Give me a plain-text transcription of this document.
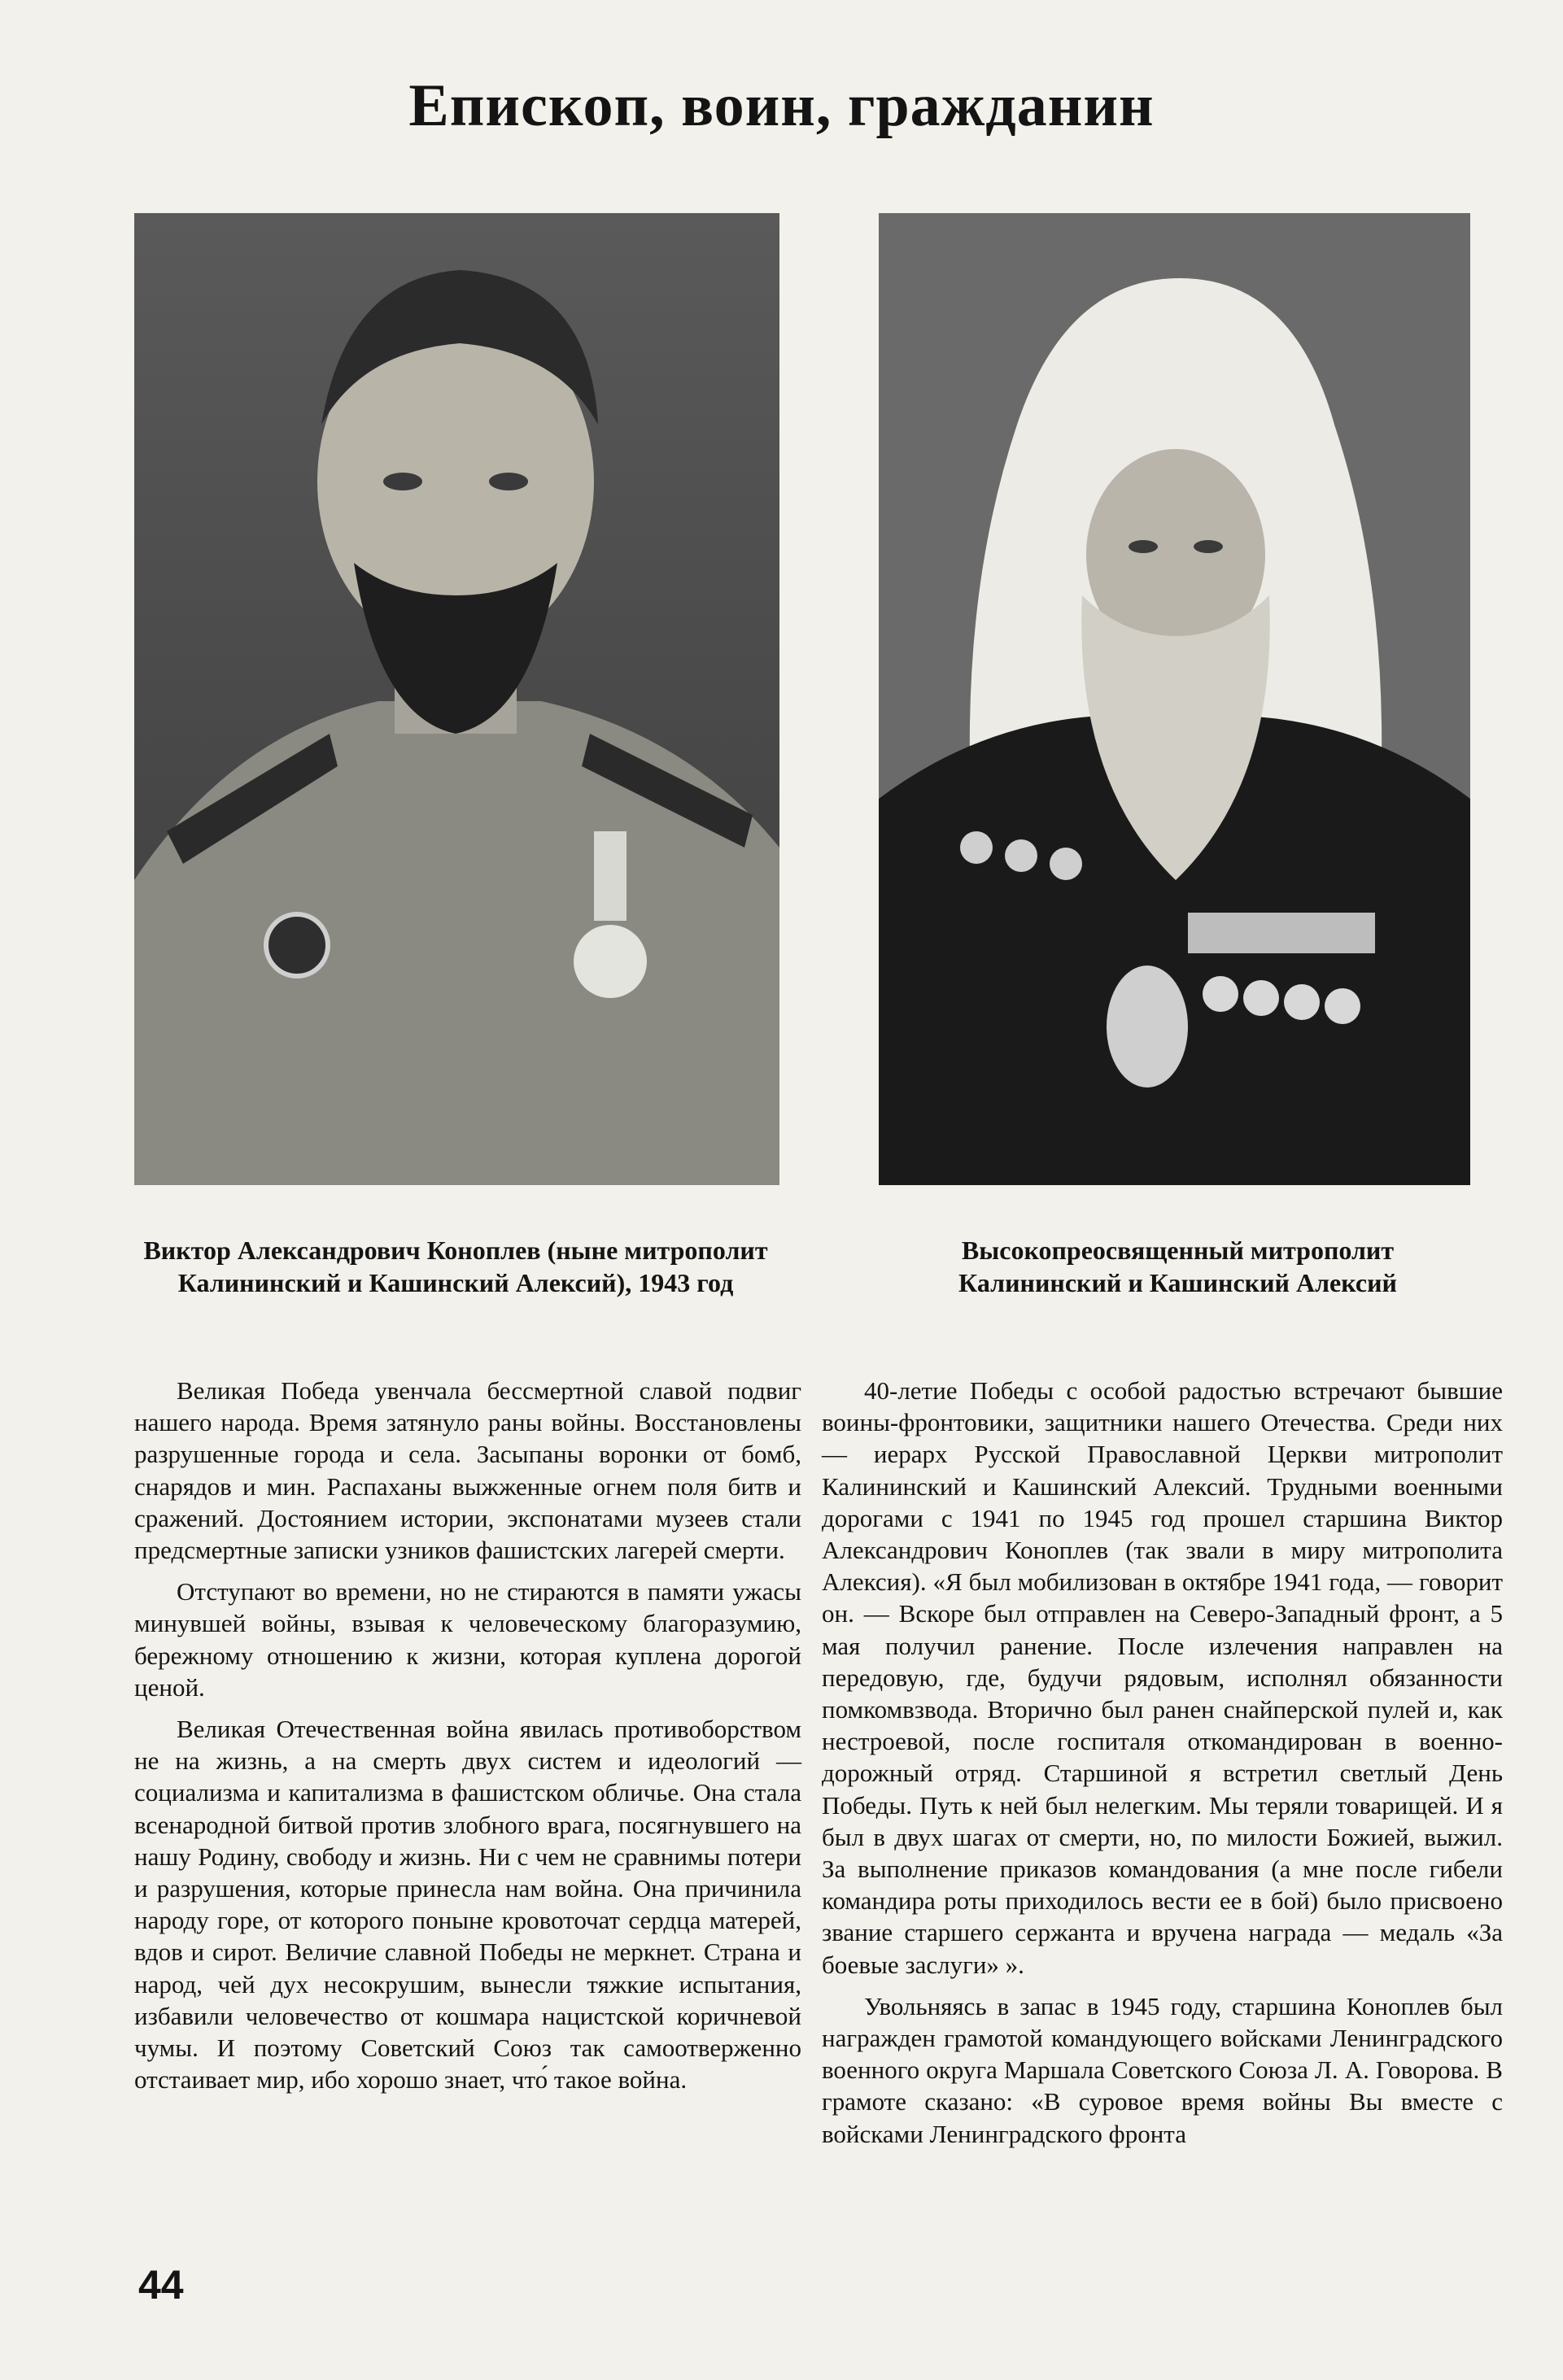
Епископ, воин, гражданин
Виктор Александрович Коноплев (ныне митрополит Калининский и Кашинский Алексий), 1943 год
Высокопреосвященный митрополит Калининский и Кашинский Алексий

Великая Победа увенчала бессмертной славой подвиг нашего народа. Время затянуло раны войны. Восстановлены разрушенные города и села. Засыпаны воронки от бомб, снарядов и мин. Распаханы выжженные огнем поля битв и сражений. Достоянием истории, экспонатами музеев стали предсмертные записки узников фашистских лагерей смерти.

Отступают во времени, но не стираются в памяти ужасы минувшей войны, взывая к человеческому благоразумию, бережному отношению к жизни, которая куплена дорогой ценой.

Великая Отечественная война явилась противоборством не на жизнь, а на смерть двух систем и идеологий — социализма и капитализма в фашистском обличье. Она стала всенародной битвой против злобного врага, посягнувшего на нашу Родину, свободу и жизнь. Ни с чем не сравнимы потери и разрушения, которые принесла нам война. Она причинила народу горе, от которого поныне кровоточат сердца матерей, вдов и сирот. Величие славной Победы не меркнет. Страна и народ, чей дух несокрушим, вынесли тяжкие испытания, избавили человечество от кошмара нацистской коричневой чумы. И поэтому Советский Союз так самоотверженно отстаивает мир, ибо хорошо знает, что́ такое война.

40-летие Победы с особой радостью встречают бывшие воины-фронтовики, защитники нашего Отечества. Среди них — иерарх Русской Православной Церкви митрополит Калининский и Кашинский Алексий. Трудными военными дорогами с 1941 по 1945 год прошел старшина Виктор Александрович Коноплев (так звали в миру митрополита Алексия). «Я был мобилизован в октябре 1941 года, — говорит он. — Вскоре был отправлен на Северо-Западный фронт, а 5 мая получил ранение. После излечения направлен на передовую, где, будучи рядовым, исполнял обязанности помкомвзвода. Вторично был ранен снайперской пулей и, как нестроевой, после госпиталя откомандирован в военно-дорожный отряд. Старшиной я встретил светлый День Победы. Путь к ней был нелегким. Мы теряли товарищей. И я был в двух шагах от смерти, но, по милости Божией, выжил. За выполнение приказов командования (а мне после гибели командира роты приходилось вести ее в бой) было присвоено звание старшего сержанта и вручена награда — медаль «За боевые заслуги» ».

Увольняясь в запас в 1945 году, старшина Коноплев был награжден грамотой командующего войсками Ленинградского военного округа Маршала Советского Союза Л. А. Говорова. В грамоте сказано: «В суровое время войны Вы вместе с войсками Ленинградского фронта

44
